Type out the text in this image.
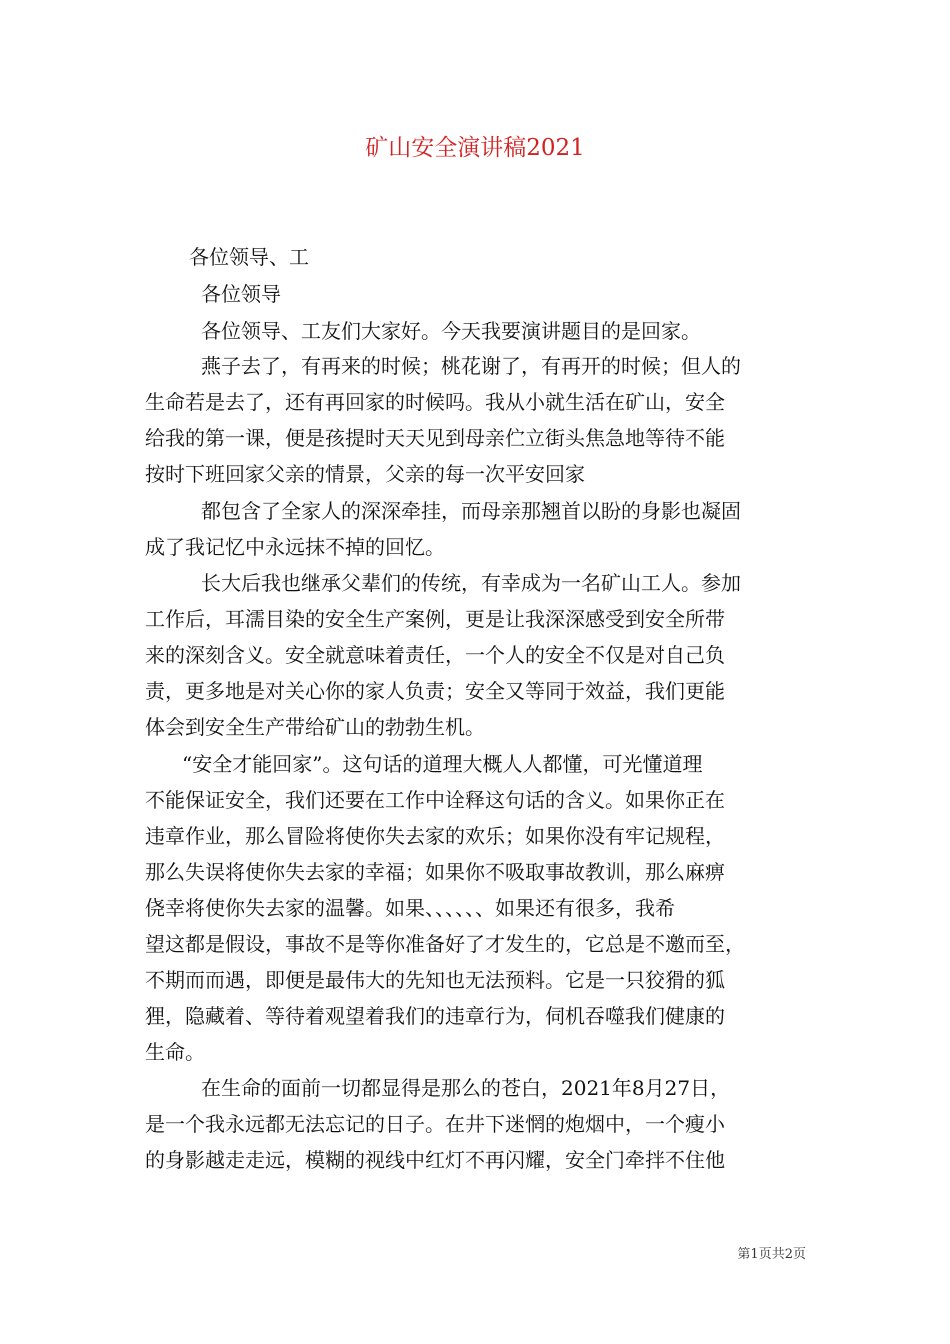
矿山安全演讲稿2021
各位领导、工
各位领导
各位领导、工友们大家好。今天我要演讲题目的是回家。
燕子去了，有再来的时候；桃花谢了，有再开的时候；但人的
生命若是去了，还有再回家的时候吗。我从小就生活在矿山，安全
给我的第一课，便是孩提时天天见到母亲伫立街头焦急地等待不能
按时下班回家父亲的情景，父亲的每一次平安回家
都包含了全家人的深深牵挂，而母亲那翘首以盼的身影也凝固
成了我记忆中永远抹不掉的回忆。
长大后我也继承父辈们的传统，有幸成为一名矿山工人。参加
工作后，耳濡目染的安全生产案例，更是让我深深感受到安全所带
来的深刻含义。安全就意味着责任，一个人的安全不仅是对自己负
责，更多地是对关心你的家人负责；安全又等同于效益，我们更能
体会到安全生产带给矿山的勃勃生机。
“安全才能回家”。这句话的道理大概人人都懂，可光懂道理
不能保证安全，我们还要在工作中诠释这句话的含义。如果你正在
违章作业，那么冒险将使你失去家的欢乐；如果你没有牢记规程，
那么失误将使你失去家的幸福；如果你不吸取事故教训，那么麻痹
侥幸将使你失去家的温馨。如果、、、、、、如果还有很多，我希
望这都是假设，事故不是等你准备好了才发生的，它总是不邀而至，
不期而而遇，即便是最伟大的先知也无法预料。它是一只狡猾的狐
狸，隐藏着、等待着观望着我们的违章行为，伺机吞噬我们健康的
生命。
在生命的面前一切都显得是那么的苍白，2021年8月27日，
是一个我永远都无法忘记的日子。在井下迷惘的炮烟中，一个瘦小
的身影越走走远，模糊的视线中红灯不再闪耀，安全门牵拌不住他
第1页共2页
